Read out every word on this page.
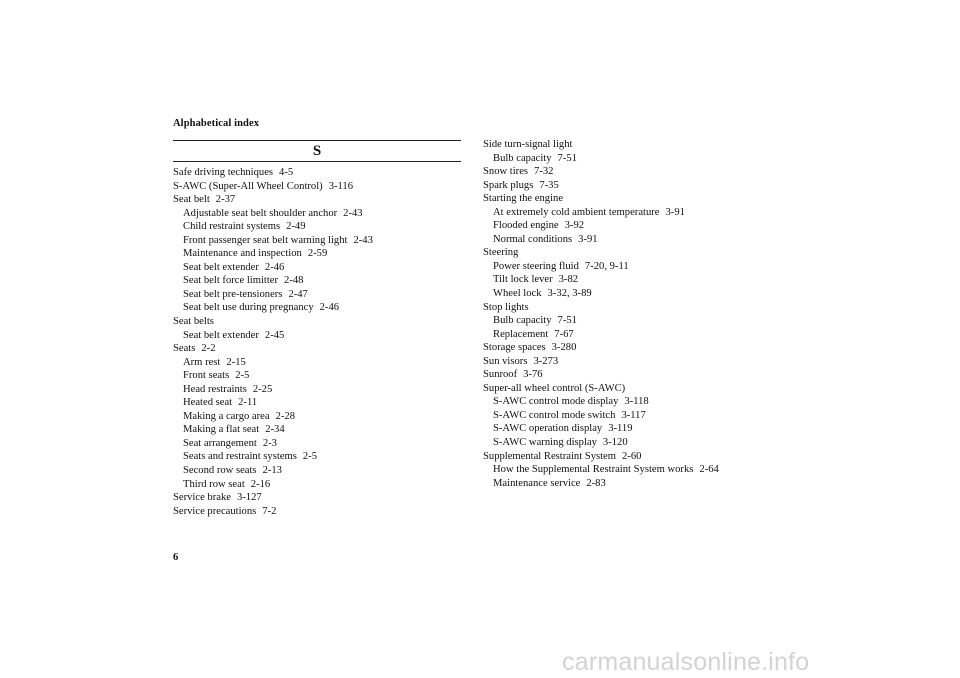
Alphabetical index
S
Safe driving techniques 4-5
S-AWC (Super-All Wheel Control) 3-116
Seat belt 2-37
Adjustable seat belt shoulder anchor 2-43
Child restraint systems 2-49
Front passenger seat belt warning light 2-43
Maintenance and inspection 2-59
Seat belt extender 2-46
Seat belt force limitter 2-48
Seat belt pre-tensioners 2-47
Seat belt use during pregnancy 2-46
Seat belts
Seat belt extender 2-45
Seats 2-2
Arm rest 2-15
Front seats 2-5
Head restraints 2-25
Heated seat 2-11
Making a cargo area 2-28
Making a flat seat 2-34
Seat arrangement 2-3
Seats and restraint systems 2-5
Second row seats 2-13
Third row seat 2-16
Service brake 3-127
Service precautions 7-2
Side turn-signal light
Bulb capacity 7-51
Snow tires 7-32
Spark plugs 7-35
Starting the engine
At extremely cold ambient temperature 3-91
Flooded engine 3-92
Normal conditions 3-91
Steering
Power steering fluid 7-20, 9-11
Tilt lock lever 3-82
Wheel lock 3-32, 3-89
Stop lights
Bulb capacity 7-51
Replacement 7-67
Storage spaces 3-280
Sun visors 3-273
Sunroof 3-76
Super-all wheel control (S-AWC)
S-AWC control mode display 3-118
S-AWC control mode switch 3-117
S-AWC operation display 3-119
S-AWC warning display 3-120
Supplemental Restraint System 2-60
How the Supplemental Restraint System works 2-64
Maintenance service 2-83
6
carmanualsonline.info
